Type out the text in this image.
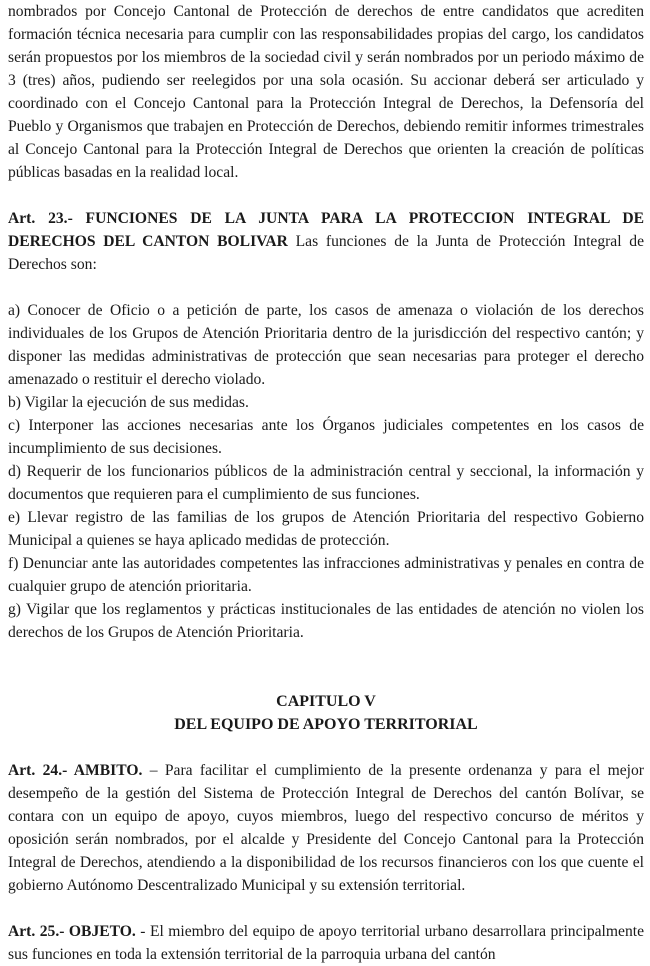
nombrados por Concejo Cantonal de Protección de derechos de entre candidatos que acrediten formación técnica necesaria para cumplir con las responsabilidades propias del cargo, los candidatos serán propuestos por los miembros de la sociedad civil y serán nombrados por un periodo máximo de 3 (tres) años, pudiendo ser reelegidos por una sola ocasión. Su accionar deberá ser articulado y coordinado con el Concejo Cantonal para la Protección Integral de Derechos, la Defensoría del Pueblo y Organismos que trabajen en Protección de Derechos, debiendo remitir informes trimestrales al Concejo Cantonal para la Protección Integral de Derechos que orienten la creación de políticas públicas basadas en la realidad local.

Art. 23.- FUNCIONES DE LA JUNTA PARA LA PROTECCION INTEGRAL DE DERECHOS DEL CANTON BOLIVAR Las funciones de la Junta de Protección Integral de Derechos son:

a) Conocer de Oficio o a petición de parte, los casos de amenaza o violación de los derechos individuales de los Grupos de Atención Prioritaria dentro de la jurisdicción del respectivo cantón; y disponer las medidas administrativas de protección que sean necesarias para proteger el derecho amenazado o restituir el derecho violado.

b) Vigilar la ejecución de sus medidas.

c) Interponer las acciones necesarias ante los Órganos judiciales competentes en los casos de incumplimiento de sus decisiones.

d) Requerir de los funcionarios públicos de la administración central y seccional, la información y documentos que requieren para el cumplimiento de sus funciones.

e) Llevar registro de las familias de los grupos de Atención Prioritaria del respectivo Gobierno Municipal a quienes se haya aplicado medidas de protección.

f) Denunciar ante las autoridades competentes las infracciones administrativas y penales en contra de cualquier grupo de atención prioritaria.

g) Vigilar que los reglamentos y prácticas institucionales de las entidades de atención no violen los derechos de los Grupos de Atención Prioritaria.

CAPITULO V

DEL EQUIPO DE APOYO TERRITORIAL

Art. 24.- AMBITO. – Para facilitar el cumplimiento de la presente ordenanza y para el mejor desempeño de la gestión del Sistema de Protección Integral de Derechos del cantón Bolívar, se contara con un equipo de apoyo, cuyos miembros, luego del respectivo concurso de méritos y oposición serán nombrados, por el alcalde y Presidente del Concejo Cantonal para la Protección Integral de Derechos, atendiendo a la disponibilidad de los recursos financieros con los que cuente el gobierno Autónomo Descentralizado Municipal y su extensión territorial.

Art. 25.- OBJETO. - El miembro del equipo de apoyo territorial urbano desarrollara principalmente sus funciones en toda la extensión territorial de la parroquia urbana del cantón
